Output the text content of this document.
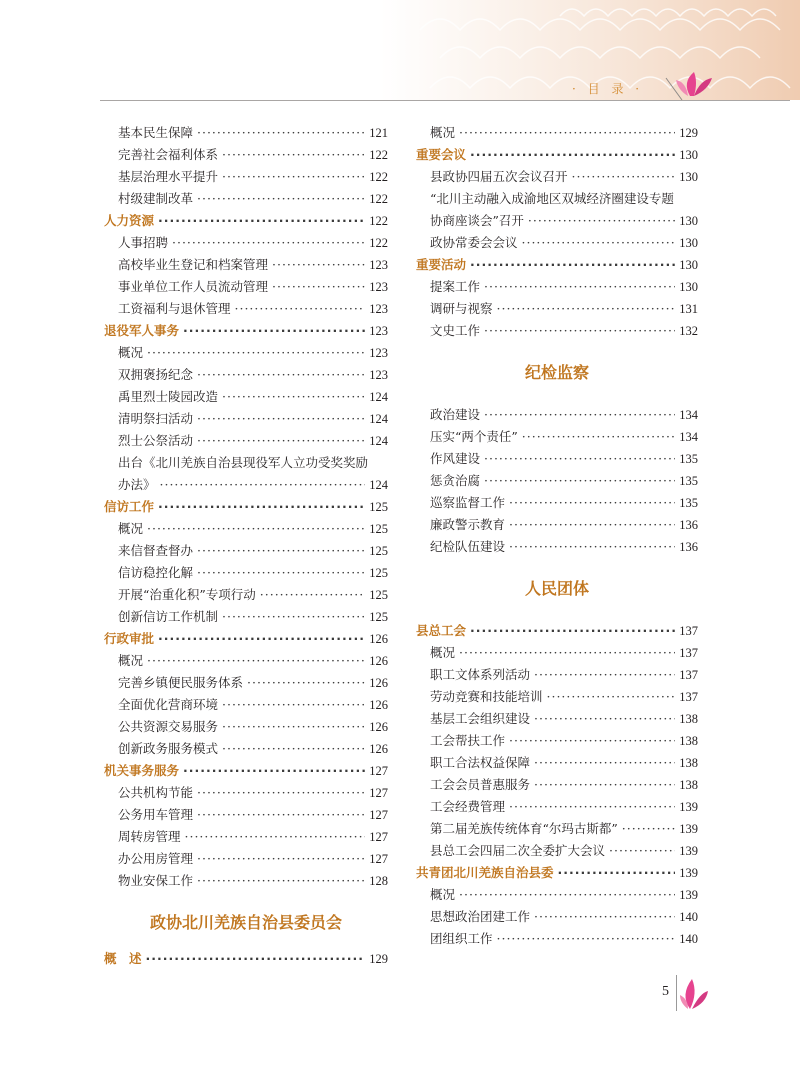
· 目 录 ·
基本民生保障 ·····	121
完善社会福利体系 ·····	122
基层治理水平提升 ·····	122
村级建制改革 ·····	122
人力资源 ·····	122
人事招聘 ·····	122
高校毕业生登记和档案管理 ·····	123
事业单位工作人员流动管理 ·····	123
工资福利与退休管理 ·····	123
退役军人事务 ·····	123
概况 ·····	123
双拥褒扬纪念 ·····	123
禹里烈士陵园改造 ·····	124
清明祭扫活动 ·····	124
烈士公祭活动 ·····	124
出台《北川羌族自治县现役军人立功受奖奖励
办法》 ·····	124
信访工作 ·····	125
概况 ·····	125
来信督查督办 ·····	125
信访稳控化解 ·····	125
开展“治重化积”专项行动 ·····	125
创新信访工作机制 ·····	125
行政审批 ·····	126
概况 ·····	126
完善乡镇便民服务体系 ·····	126
全面优化营商环境 ·····	126
公共资源交易服务 ·····	126
创新政务服务模式 ·····	126
机关事务服务 ·····	127
公共机构节能 ·····	127
公务用车管理 ·····	127
周转房管理 ·····	127
办公用房管理 ·····	127
物业安保工作 ·····	128
政协北川羌族自治县委员会
概　述 ·····	129
概况 ·····	129
重要会议 ·····	130
县政协四届五次会议召开 ·····	130
“北川主动融入成渝地区双城经济圈建设专题
协商座谈会”召开 ·····	130
政协常委会会议 ·····	130
重要活动 ·····	130
提案工作 ·····	130
调研与视察 ·····	131
文史工作 ·····	132
纪检监察
政治建设 ·····	134
压实“两个责任” ·····	134
作风建设 ·····	135
惩贪治腐 ·····	135
巡察监督工作 ·····	135
廉政警示教育 ·····	136
纪检队伍建设 ·····	136
人民团体
县总工会 ·····	137
概况 ·····	137
职工文体系列活动 ·····	137
劳动竞赛和技能培训 ·····	137
基层工会组织建设 ·····	138
工会帮扶工作 ·····	138
职工合法权益保障 ·····	138
工会会员普惠服务 ·····	138
工会经费管理 ·····	139
第二届羌族传统体育“尔玛古斯都” ·····	139
县总工会四届二次全委扩大会议 ·····	139
共青团北川羌族自治县委 ·····	139
概况 ·····	139
思想政治团建工作 ·····	140
团组织工作 ·····	140
5
